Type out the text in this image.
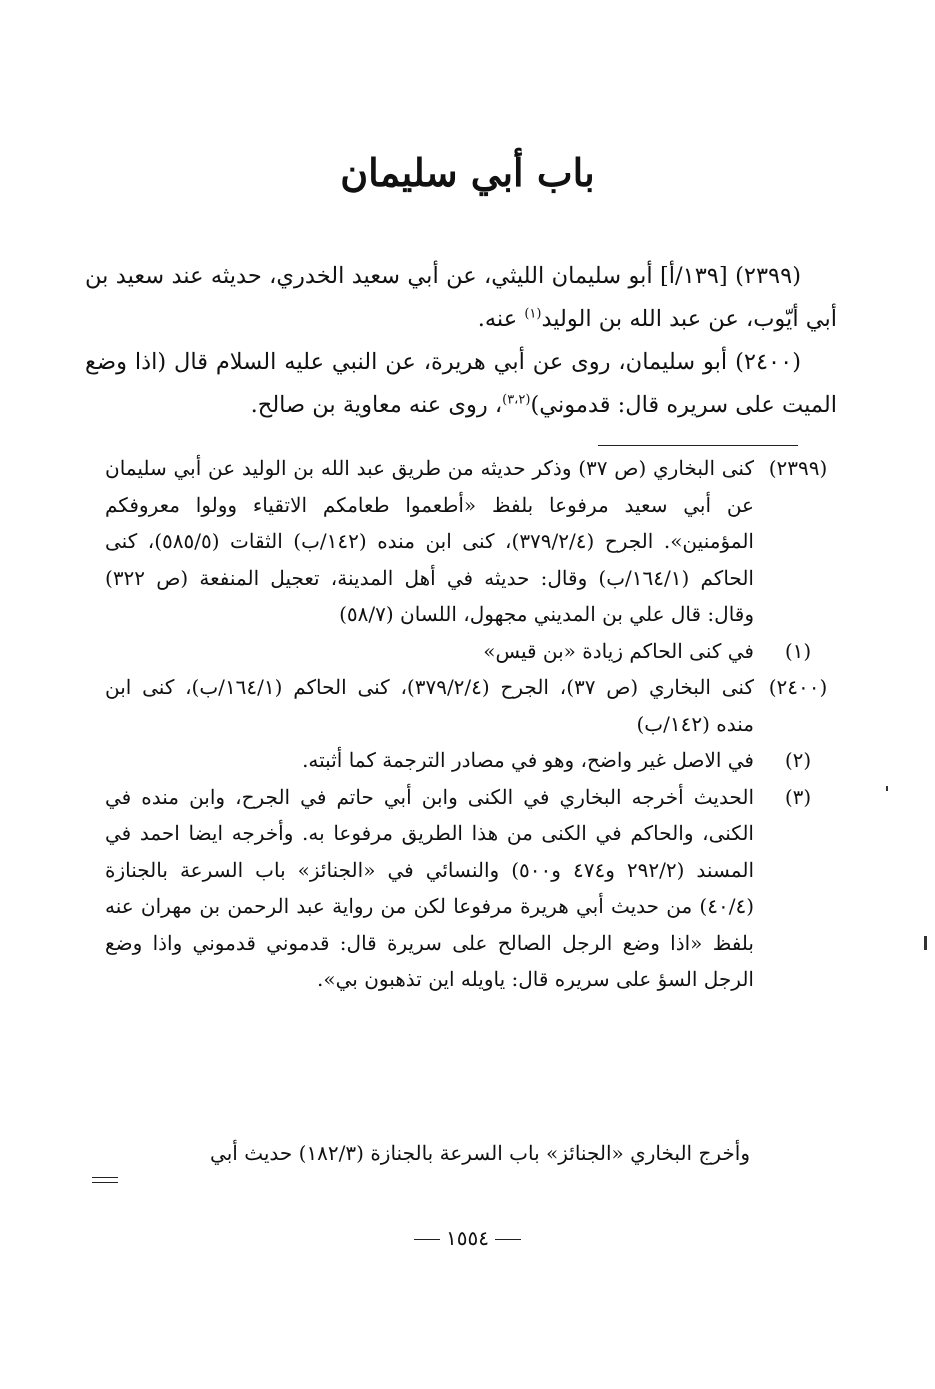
باب أبي سليمان

(٢٣٩٩) [١٣٩/أ] أبو سليمان الليثي، عن أبي سعيد الخدري، حديثه عند سعيد بن أبي أيّوب، عن عبد الله بن الوليد$^{(١)}$ عنه.

(٢٤٠٠) أبو سليمان، روى عن أبي هريرة، عن النبي عليه السلام قال (اذا وضع الميت على سريره قال: قدموني)$^{(٣،٢)}$، روى عنه معاوية بن صالح.

(٢٣٩٩)
كنى البخاري (ص ٣٧) وذكر حديثه من طريق عبد الله بن الوليد عن أبي سليمان عن أبي سعيد مرفوعا بلفظ «أطعموا طعامكم الاتقياء وولوا معروفكم المؤمنين». الجرح (٣٧٩/٢/٤)، كنى ابن منده (١٤٢/ب) الثقات (٥٨٥/٥)، كنى الحاكم (١٦٤/١/ب) وقال: حديثه في أهل المدينة، تعجيل المنفعة (ص ٣٢٢) وقال: قال علي بن المديني مجهول، اللسان (٥٨/٧)
(١)
في كنى الحاكم زيادة «بن قيس»
(٢٤٠٠)
كنى البخاري (ص ٣٧)، الجرح (٣٧٩/٢/٤)، كنى الحاكم (١٦٤/١/ب)، كنى ابن منده (١٤٢/ب)
(٢)
في الاصل غير واضح، وهو في مصادر الترجمة كما أثبته.
(٣)
الحديث أخرجه البخاري في الكنى وابن أبي حاتم في الجرح، وابن منده في الكنى، والحاكم في الكنى من هذا الطريق مرفوعا به. وأخرجه ايضا احمد في المسند (٢٩٢/٢ و٤٧٤ و٥٠٠) والنسائي في «الجنائز» باب السرعة بالجنازة (٤٠/٤) من حديث أبي هريرة مرفوعا لكن من رواية عبد الرحمن بن مهران عنه بلفظ «اذا وضع الرجل الصالح على سريرة قال: قدموني قدموني واذا وضع الرجل السؤ على سريره قال: ياويله اين تذهبون بي».
وأخرج البخاري «الجنائز» باب السرعة بالجنازة (١٨٢/٣) حديث أبي
١٥٥٤
